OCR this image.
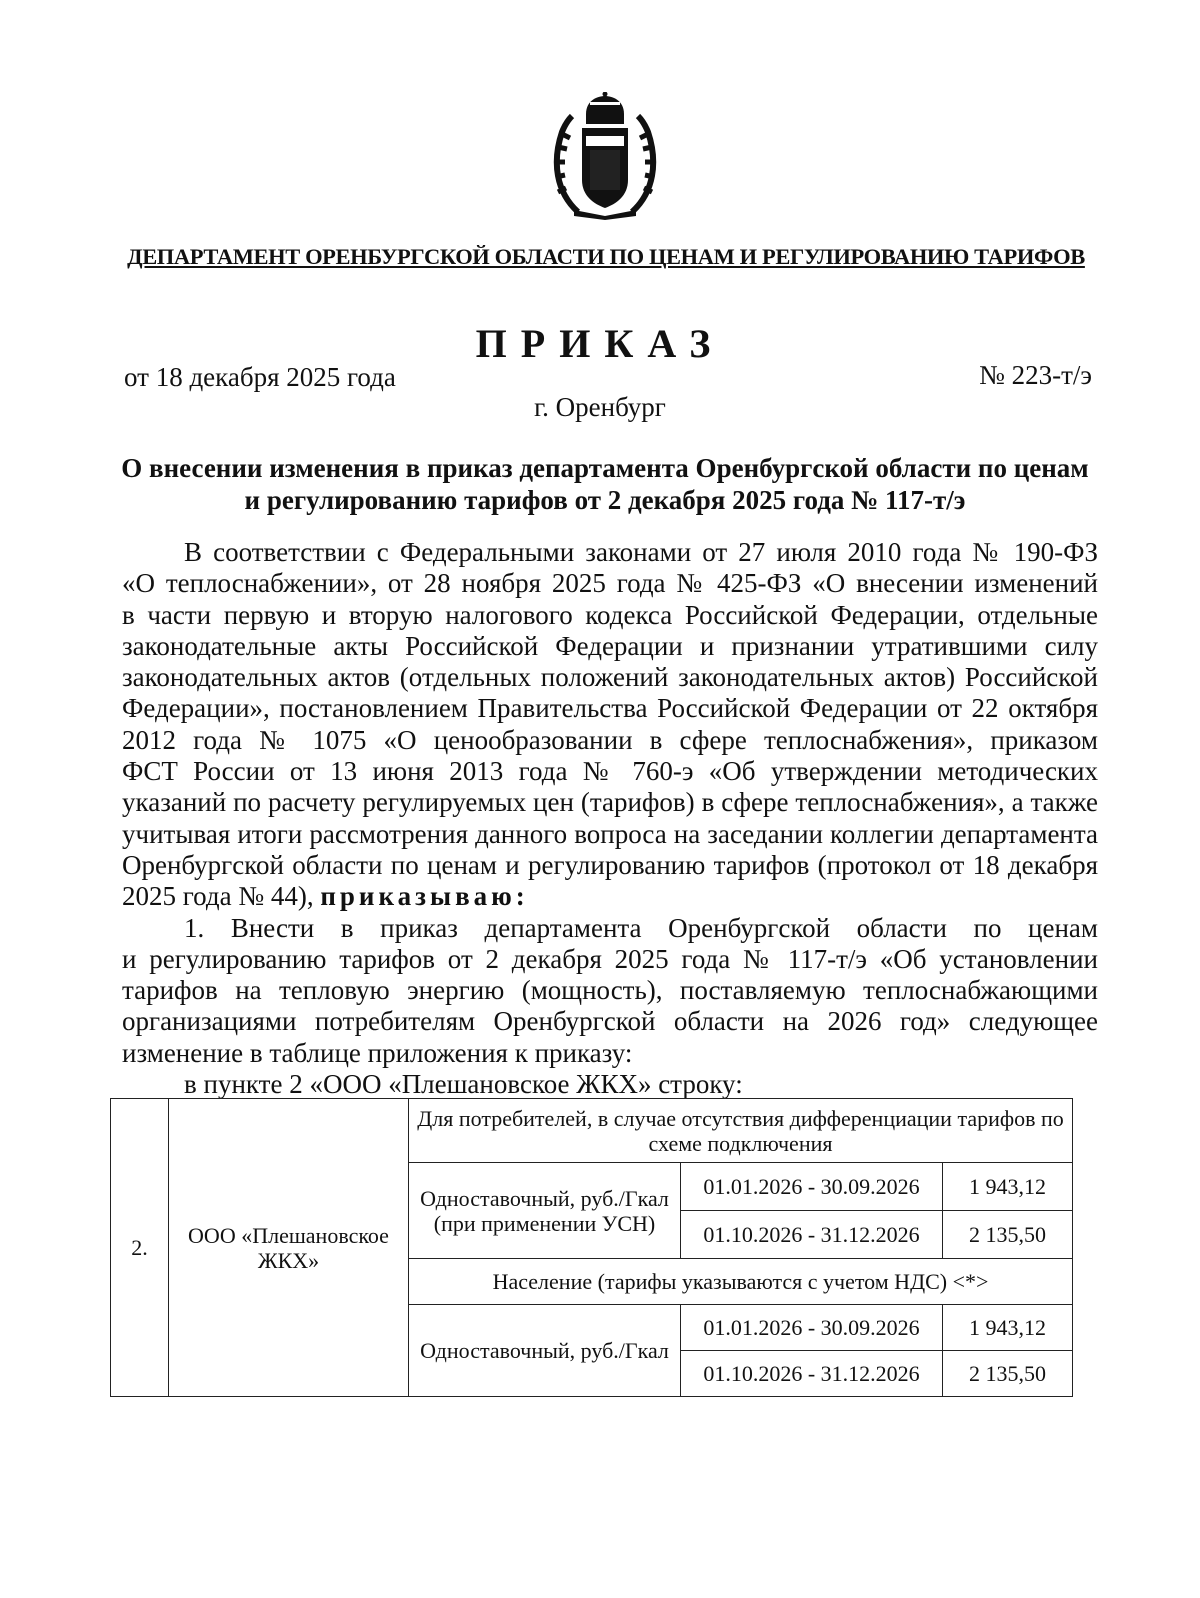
ДЕПАРТАМЕНТ ОРЕНБУРГСКОЙ ОБЛАСТИ ПО ЦЕНАМ И РЕГУЛИРОВАНИЮ ТАРИФОВ
ПРИКАЗ
от 18 декабря 2025 года	№ 223-т/э
г. Оренбург
О внесении изменения в приказ департамента Оренбургской области по ценам
и регулированию тарифов от 2 декабря 2025 года № 117-т/э
В соответствии с Федеральными законами от 27 июля 2010 года № 190-ФЗ
«О теплоснабжении», от 28 ноября 2025 года № 425-ФЗ «О внесении изменений
в части первую и вторую налогового кодекса Российской Федерации, отдельные
законодательные акты Российской Федерации и признании утратившими силу
законодательных актов (отдельных положений законодательных актов) Российской
Федерации», постановлением Правительства Российской Федерации от 22 октября
2012 года № 1075 «О ценообразовании в сфере теплоснабжения», приказом
ФСТ России от 13 июня 2013 года № 760-э «Об утверждении методических
указаний по расчету регулируемых цен (тарифов) в сфере теплоснабжения», а также
учитывая итоги рассмотрения данного вопроса на заседании коллегии департамента
Оренбургской области по ценам и регулированию тарифов (протокол от 18 декабря
2025 года № 44), приказываю:
1. Внести в приказ департамента Оренбургской области по ценам
и регулированию тарифов от 2 декабря 2025 года № 117-т/э «Об установлении
тарифов на тепловую энергию (мощность), поставляемую теплоснабжающими
организациями потребителям Оренбургской области на 2026 год» следующее
изменение в таблице приложения к приказу:
в пункте 2 «ООО «Плешановское ЖКХ» строку:
2.	ООО «Плешановское ЖКХ»	Для потребителей, в случае отсутствия дифференциации тарифов по схеме подключения		
		Одноставочный, руб./Гкал (при применении УСН)	01.01.2026 - 30.09.2026	1 943,12
			01.10.2026 - 31.12.2026	2 135,50
		Население (тарифы указываются с учетом НДС) <*>		
		Одноставочный, руб./Гкал	01.01.2026 - 30.09.2026	1 943,12
			01.10.2026 - 31.12.2026	2 135,50
